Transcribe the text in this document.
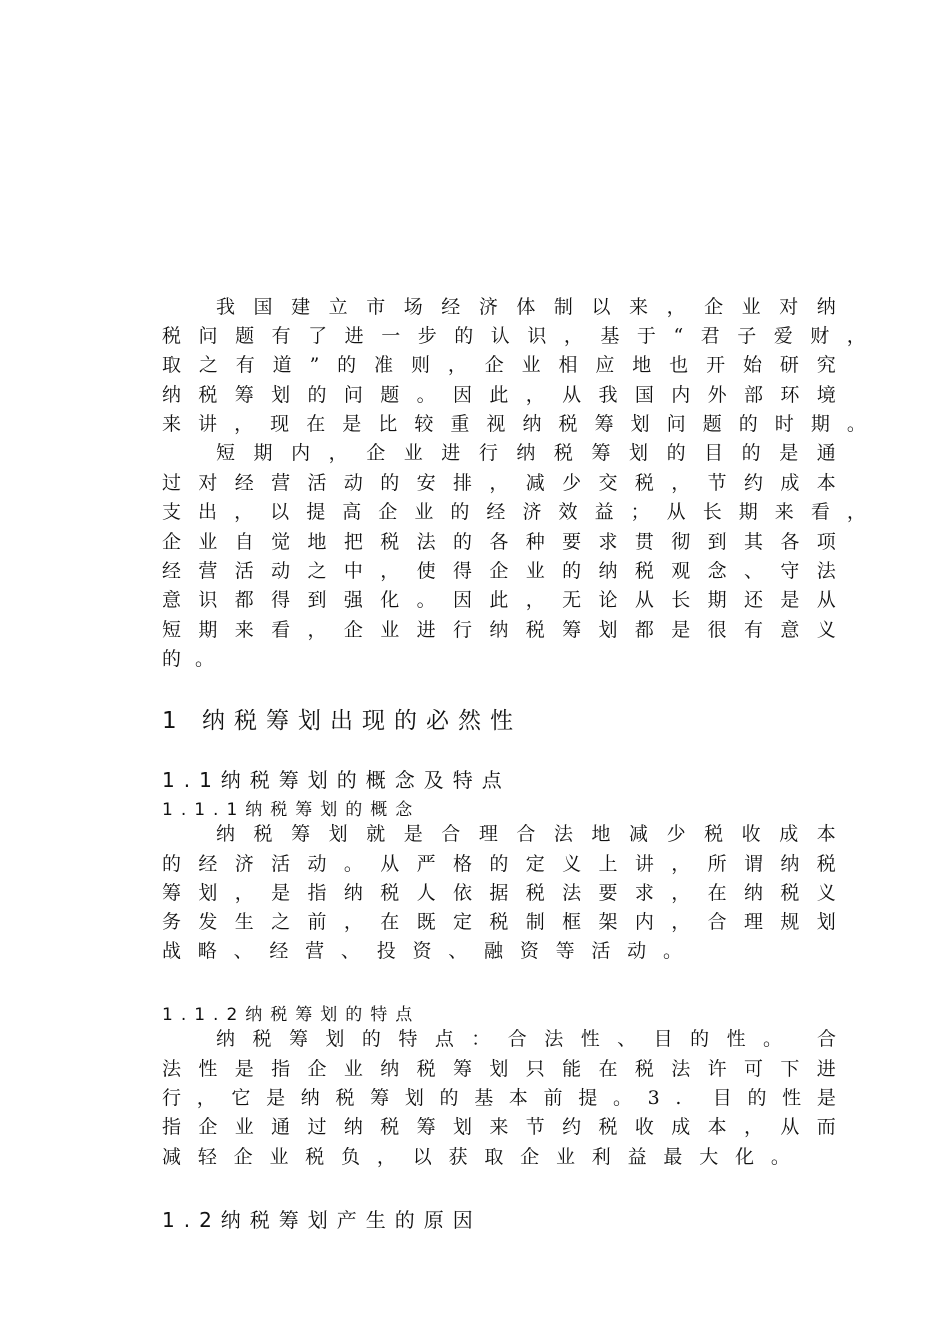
我 国 建 立 市 场 经 济 体 制 以 来 ， 企 业 对 纳
税 问 题 有 了 进 一 步 的 认 识 ， 基 于 “ 君 子 爱 财 ，
取 之 有 道 ” 的 准 则 ， 企 业 相 应 地 也 开 始 研 究
纳 税 筹 划 的 问 题 。 因 此 ， 从 我 国 内 外 部 环 境
来 讲 ， 现 在 是 比 较 重 视 纳 税 筹 划 问 题 的 时 期 。
短 期 内 ， 企 业 进 行 纳 税 筹 划 的 目 的 是 通
过 对 经 营 活 动 的 安 排 ， 减 少 交 税 ， 节 约 成 本
支 出 ， 以 提 高 企 业 的 经 济 效 益 ； 从 长 期 来 看 ，
企 业 自 觉 地 把 税 法 的 各 种 要 求 贯 彻 到 其 各 项
经 营 活 动 之 中 ， 使 得 企 业 的 纳 税 观 念 、 守 法
意 识 都 得 到 强 化 。 因 此 ， 无 论 从 长 期 还 是 从
短 期 来 看 ， 企 业 进 行 纳 税 筹 划 都 是 很 有 意 义
的 。
1 纳税筹划出现的必然性
1.1纳税筹划的概念及特点
1.1.1纳税筹划的概念
纳 税 筹 划 就 是 合 理 合 法 地 减 少 税 收 成 本
的 经 济 活 动 。 从 严 格 的 定 义 上 讲 ， 所 谓 纳 税
筹 划 ， 是 指 纳 税 人 依 据 税 法 要 求 ， 在 纳 税 义
务 发 生 之 前 ， 在 既 定 税 制 框 架 内 ， 合 理 规 划
战 略 、 经 营 、 投 资 、 融 资 等 活 动 。
1.1.2纳税筹划的特点
纳 税 筹 划 的 特 点 ： 合 法 性 、 目 的 性 。 合
法 性 是 指 企 业 纳 税 筹 划 只 能 在 税 法 许 可 下 进
行 ， 它 是 纳 税 筹 划 的 基 本 前 提 。 3 . 目 的 性 是
指 企 业 通 过 纳 税 筹 划 来 节 约 税 收 成 本 ， 从 而
减 轻 企 业 税 负 ， 以 获 取 企 业 利 益 最 大 化 。
1.2纳税筹划产生的原因
